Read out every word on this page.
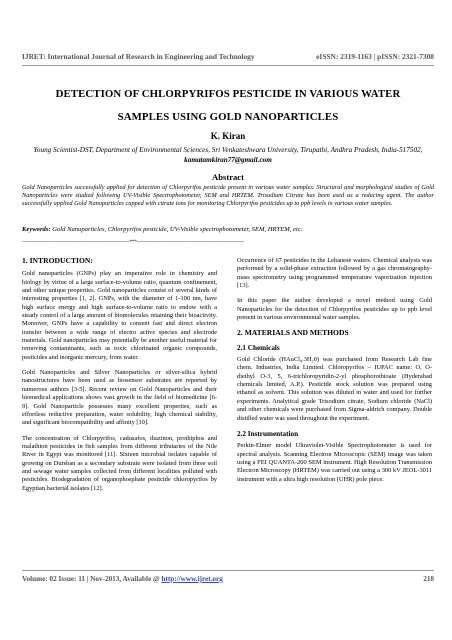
IJRET: International Journal of Research in Engineering and Technology	eISSN: 2319-1163 | pISSN: 2321-7308
DETECTION OF CHLORPYRIFOS PESTICIDE IN VARIOUS WATER
SAMPLES USING GOLD NANOPARTICLES
K. Kiran
Young Scientist-DST, Department of Environmental Sciences, Sri Venkateshwara University, Tirupathi, Andhra Pradesh, India-517502, kamatamkiran77@gmail.com
Abstract
Gold Nanoparticles successfully applied for detection of Chlorpyrifos pesticide present in various water samples. Structural and morphological studies of Gold Nanoparticles were studied following UV-Visible Spectrophotometer, SEM and HRTEM. Trisodium Citrate has been used as a reducing agent. The author successfully applied Gold Nanoparticles capped with citrate ions for monitoring Chlorpyrifos pesticides up to ppb levels in various water samples.
Keywords: Gold Nanoparticles, Chlorpyrifos pesticide, UV-Visible spectrophotometer, SEM, HRTEM, etc.
----------------------------------------------------------------------***----------------------------------------------------------------------
1. INTRODUCTION:

Gold nanoparticles (GNPs) play an imperative role in chemistry and biology by virtue of a large surface-to-volume ratio, quantum confinement, and other unique properties. Gold nanoparticles consist of several kinds of interesting properties [1, 2]. GNPs, with the diameter of 1-100 nm, have high surface energy and high surface-to-volume ratio to endow with a steady control of a large amount of biomolecules retaining their bioactivity. Moreover, GNPs have a capability to consent fast and direct electron transfer between a wide range of electro active species and electrode materials. Gold nanoparticles may potentially be another useful material for removing contaminants, such as toxic chlorinated organic compounds, pesticides and inorganic mercury, from water.

Gold Nanoparticles and Silver Nanoparticles or silver-silica hybrid nanostructures have been used as biosensor substrates are reported by numerous authors [3-5]. Recent review on Gold Nanoparticles and their biomedical applications shows vast growth in the field of biomedicine [6-9]. Gold Nanoparticle possesses many excellent properties, such as effortless reductive preparation, water solubility, high chemical stability, and significant biocompatibility and affinity [10].

The concentration of Chlorpyrifos, cadusafos, diazinon, prothiphos and malathion pesticides in fish samples from different tributaries of the Nile River in Egypt was monitored [11]. Sixteen microbial isolates capable of growing on Dursban as a secondary substrate were isolated from three soil and sewage water samples collected from different localities polluted with pesticides. Biodegradation of organophosphate pesticide chloropyrifos by Egyptian bacterial isolates [12].

Occurrence of 67 pesticides in the Lebanese waters. Chemical analysis was performed by a solid-phase extraction followed by a gas chromatography-mass spectrometry using programmed temperature vaporization injection [13].

In this paper the author developed a novel method using Gold Nanoparticles for the detection of Chlorpyrifos pesticides up to ppb level present in various environmental water samples.

2. MATERIALS AND METHODS
2.1 Chemicals

Gold Chloride (HAuCl₄.3H₂0) was purchased from Research Lab fine chem. Industries, India Limited. Chloropyrifos – IUPAC name: O, O-diethyl O-3, 5, 6-trichloropyridin-2-yl phosphorothioate (Hyderabad chemicals limited, A.P.). Pesticide stock solution was prepared using ethanol as solvent. This solution was diluted in water and used for further experiments. Analytical grade Trisodium citrate, Sodium chloride (NaCl) and other chemicals were purchased from Sigma-aldrich company. Double distilled water was used throughout the experiment.

2.2 Instrumentation

Perkin-Elmer model Ultraviolet-Visible Spectrophotometer is used for spectral analysis. Scanning Electron Microscopic (SEM) image was taken using a FEI QUANTA-200 SEM instrument. High Resolution Transmission Electron Microscopy (HRTEM) was carried out using a 300 kV JEOL-3011 instrument with a ultra high resolution (UHR) pole piece.

Volume: 02 Issue: 11 | Nov-2013, Available @ http://www.ijret.org	218
